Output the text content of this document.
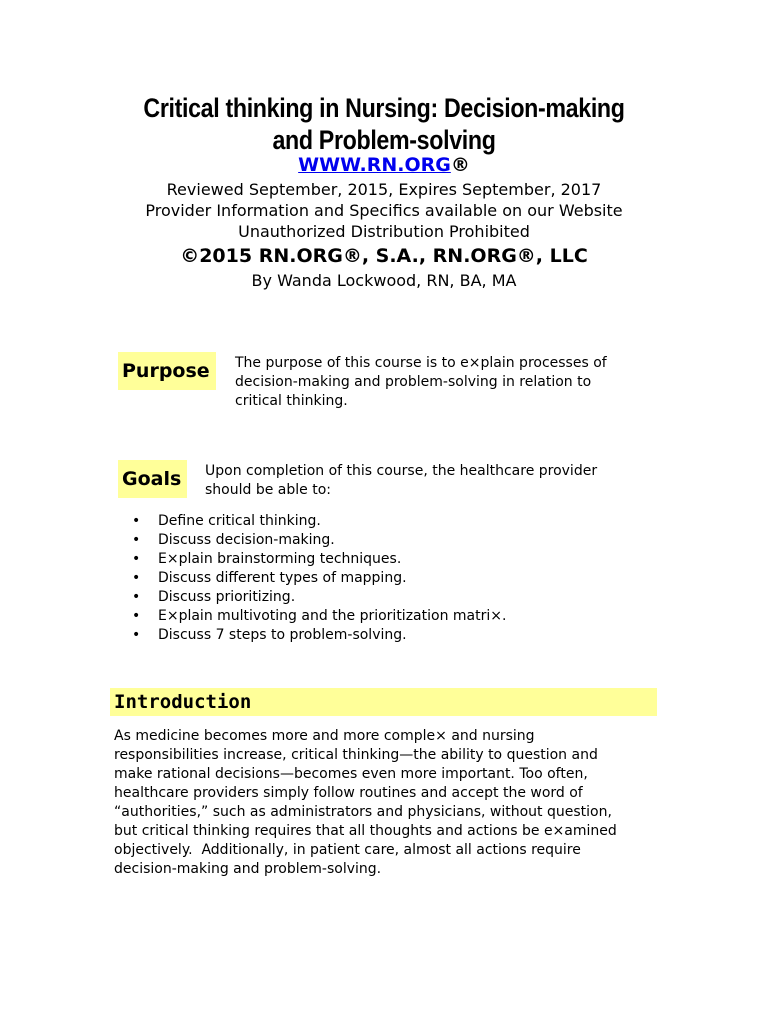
Critical thinking in Nursing: Decision-making
and Problem-solving
WWW.RN.ORG®
Reviewed September, 2015, Expires September, 2017
Provider Information and Specifics available on our Website
Unauthorized Distribution Prohibited
©2015 RN.ORG®, S.A., RN.ORG®, LLC
By Wanda Lockwood, RN, BA, MA
Purpose	The purpose of this course is to e×plain processes of
decision-making and problem-solving in relation to
critical thinking.
Goals	Upon completion of this course, the healthcare provider
should be able to:
• Define critical thinking.
• Discuss decision-making.
• E×plain brainstorming techniques.
• Discuss different types of mapping.
• Discuss prioritizing.
• E×plain multivoting and the prioritization matri×.
• Discuss 7 steps to problem-solving.
Introduction
As medicine becomes more and more comple× and nursing
responsibilities increase, critical thinking—the ability to question and
make rational decisions—becomes even more important. Too often,
healthcare providers simply follow routines and accept the word of
“authorities,” such as administrators and physicians, without question,
but critical thinking requires that all thoughts and actions be e×amined
objectively.  Additionally, in patient care, almost all actions require
decision-making and problem-solving.
